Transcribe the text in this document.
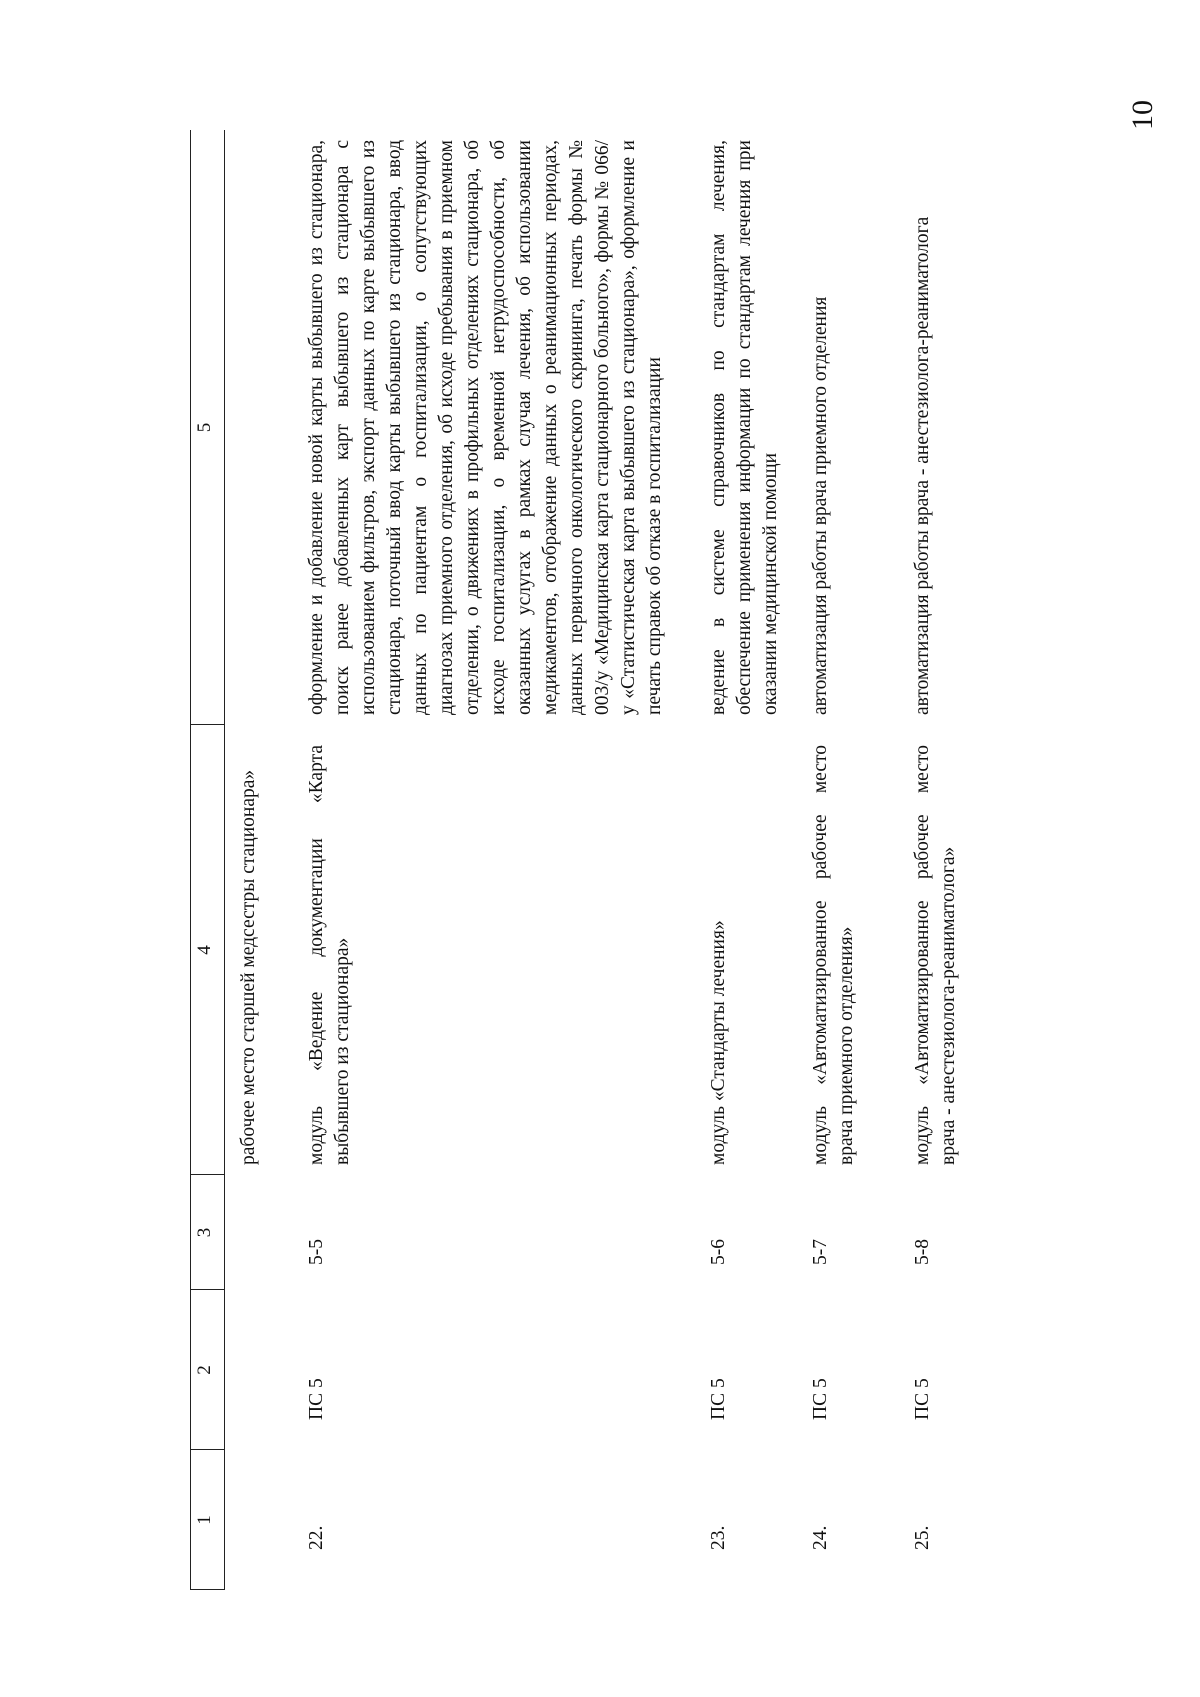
10
1
2
3
4
5
рабочее место старшей медсестры стационара»
22.
ПС 5
5-5
модуль «Ведение документации «Карта выбывшего из стационара»
оформление и добавление новой карты выбывшего из стационара, поиск ранее добавленных карт выбывшего из стационара с использованием фильтров, экспорт данных по карте выбывшего из стационара, поточный ввод карты выбывшего из стационара, ввод данных по пациентам о госпитализации, о сопутствующих диагнозах приемного отделения, об исходе пребывания в приемном отделении, о движениях в профильных отделениях стационара, об исходе госпитализации, о временной нетрудоспособности, об оказанных услугах в рамках случая лечения, об использовании медикаментов, отображение данных о реанимационных периодах, данных первичного онкологического скрининга, печать формы № 003/у «Медицинская карта стационарного больного», формы № 066/у «Статистическая карта выбывшего из стационара», оформление и печать справок об отказе в госпитализации
23.
ПС 5
5-6
модуль «Стандарты лечения»
ведение в системе справочников по стандартам лечения, обеспечение применения информации по стандартам лечения при оказании медицинской помощи
24.
ПС 5
5-7
модуль «Автоматизированное рабочее место врача приемного отделения»
автоматизация работы врача приемного отделения
25.
ПС 5
5-8
модуль «Автоматизированное рабочее место врача - анестезиолога-реаниматолога»
автоматизация работы врача - анестезиолога-реаниматолога
